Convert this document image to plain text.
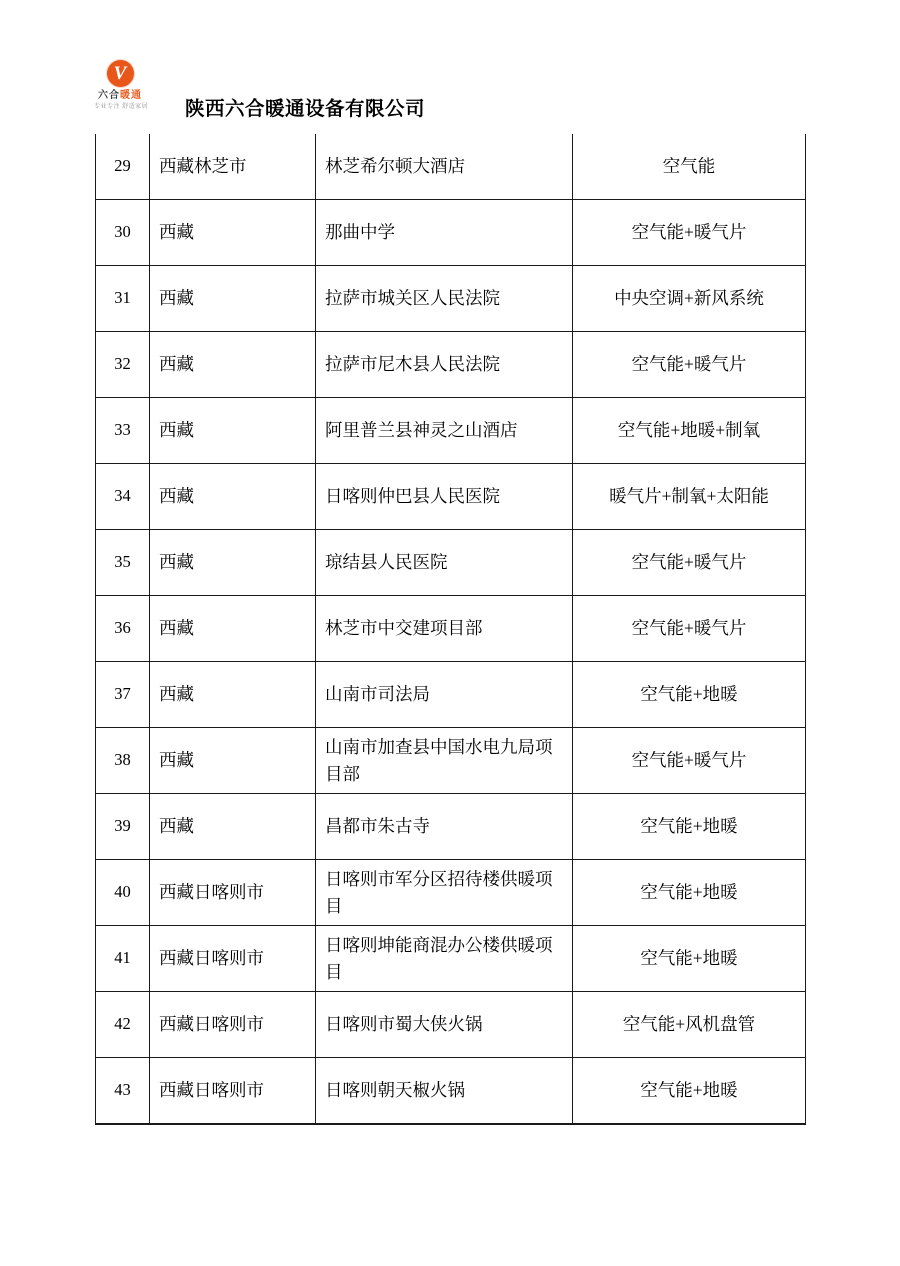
V
六合暖通
专业专注 舒适家居 陕西六合暖通设备有限公司
29	西藏林芝市	林芝希尔顿大酒店	空气能
30	西藏	那曲中学	空气能+暖气片
31	西藏	拉萨市城关区人民法院	中央空调+新风系统
32	西藏	拉萨市尼木县人民法院	空气能+暖气片
33	西藏	阿里普兰县神灵之山酒店	空气能+地暖+制氧
34	西藏	日喀则仲巴县人民医院	暖气片+制氧+太阳能
35	西藏	琼结县人民医院	空气能+暖气片
36	西藏	林芝市中交建项目部	空气能+暖气片
37	西藏	山南市司法局	空气能+地暖
38	西藏	山南市加查县中国水电九局项目部	空气能+暖气片
39	西藏	昌都市朱古寺	空气能+地暖
40	西藏日喀则市	日喀则市军分区招待楼供暖项目	空气能+地暖
41	西藏日喀则市	日喀则坤能商混办公楼供暖项目	空气能+地暖
42	西藏日喀则市	日喀则市蜀大侠火锅	空气能+风机盘管
43	西藏日喀则市	日喀则朝天椒火锅	空气能+地暖
